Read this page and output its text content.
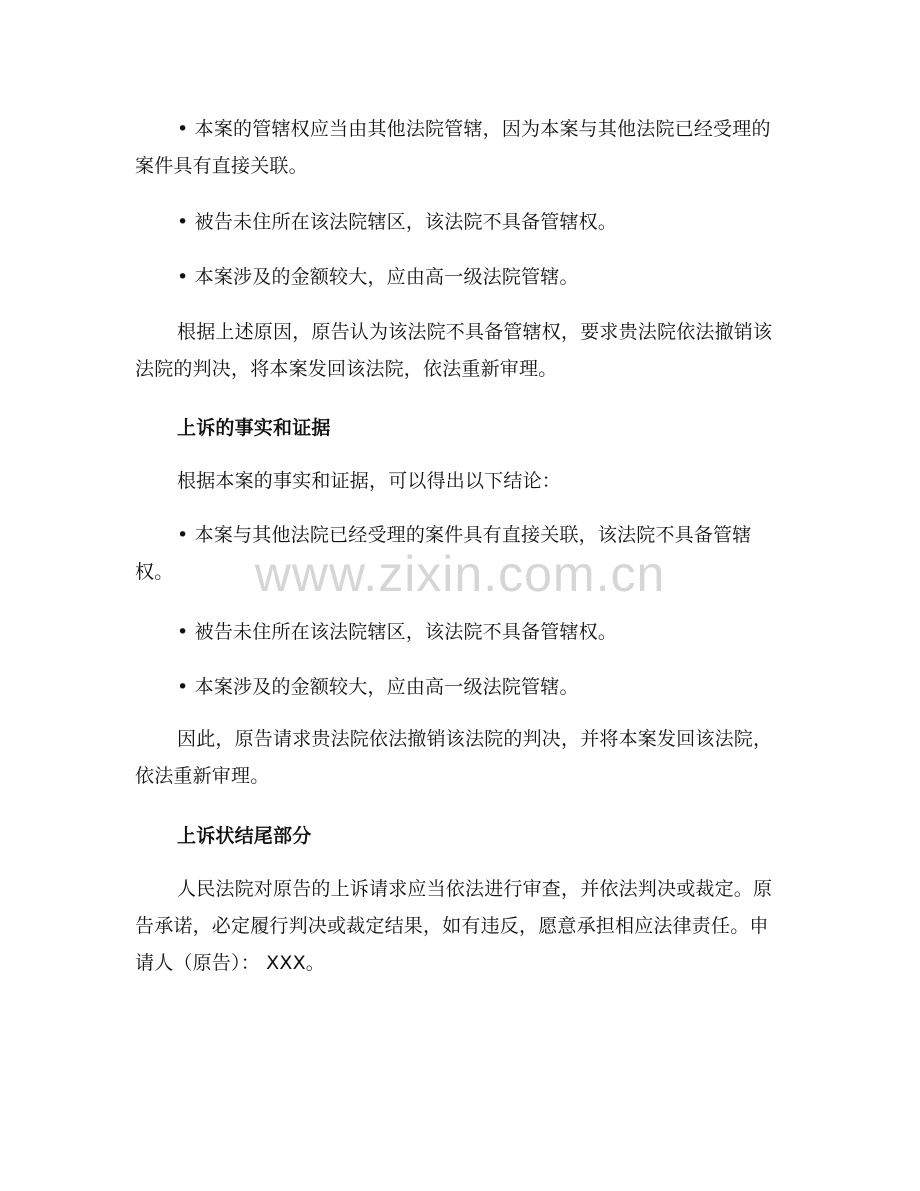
• 本案的管辖权应当由其他法院管辖，因为本案与其他法院已经受理的案件具有直接关联。

• 被告未住所在该法院辖区，该法院不具备管辖权。

• 本案涉及的金额较大，应由高一级法院管辖。

根据上述原因，原告认为该法院不具备管辖权，要求贵法院依法撤销该法院的判决，将本案发回该法院，依法重新审理。

上诉的事实和证据

根据本案的事实和证据，可以得出以下结论：

• 本案与其他法院已经受理的案件具有直接关联，该法院不具备管辖权。

• 被告未住所在该法院辖区，该法院不具备管辖权。

• 本案涉及的金额较大，应由高一级法院管辖。

因此，原告请求贵法院依法撤销该法院的判决，并将本案发回该法院，依法重新审理。

上诉状结尾部分

人民法院对原告的上诉请求应当依法进行审查，并依法判决或裁定。原告承诺，必定履行判决或裁定结果，如有违反，愿意承担相应法律责任。申请人（原告）： XXX。

www.zixin.com.cn
